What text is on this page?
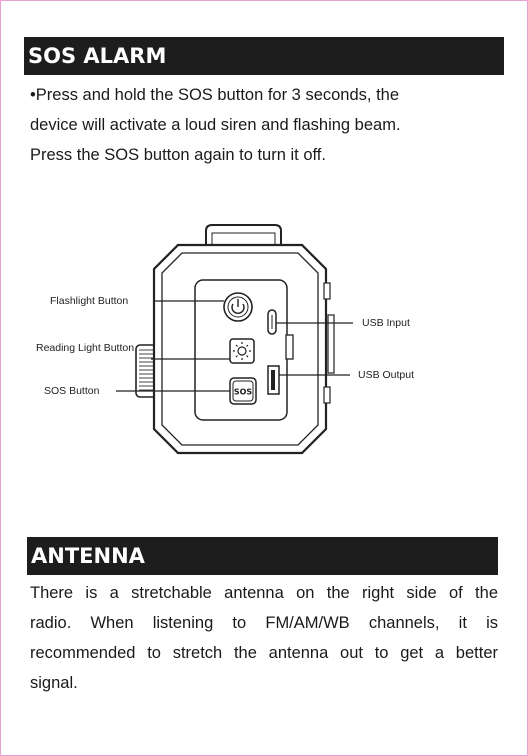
SOS ALARM
•Press and hold the SOS button for 3 seconds, the
device will activate a loud siren and flashing beam.
Press the SOS button again to turn it off.
SOS
Flashlight Button
Reading Light Button
SOS Button
USB Input
USB Output
ANTENNA
There is a stretchable antenna on the right side of the
radio. When listening to FM/AM/WB channels, it is
recommended to stretch the antenna out to get a better
signal.
